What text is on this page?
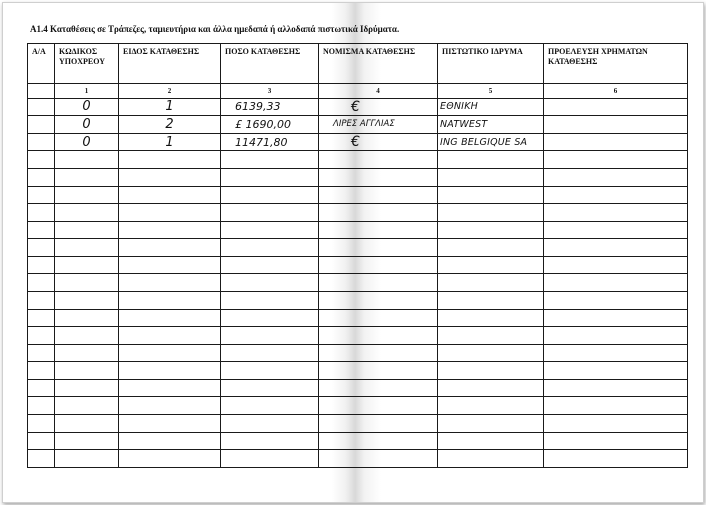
Α1.4 Καταθέσεις σε Τράπεζες, ταμιευτήρια και άλλα ημεδαπά ή αλλοδαπά πιστωτικά Ιδρύματα.
Α/Α	ΚΩΔΙΚΟΣ ΥΠΟΧΡΕΟΥ	ΕΙΔΟΣ ΚΑΤΑΘΕΣΗΣ	ΠΟΣΟ ΚΑΤΑΘΕΣΗΣ	ΝΟΜΙΣΜΑ ΚΑΤΑΘΕΣΗΣ	ΠΙΣΤΩΤΙΚΟ ΙΔΡΥΜΑ	ΠΡΟΕΛΕΥΣΗ ΧΡΗΜΑΤΩΝ ΚΑΤΑΘΕΣΗΣ
	1	2	3	4	5	6
	0	1	6139,33	€	ΕΘΝΙΚΗ	
	0	2	£ 1690,00	ΛΙΡΕΣ ΑΓΓΛΙΑΣ	NATWEST	
	0	1	11471,80	€	ING BELGIQUE SA	
